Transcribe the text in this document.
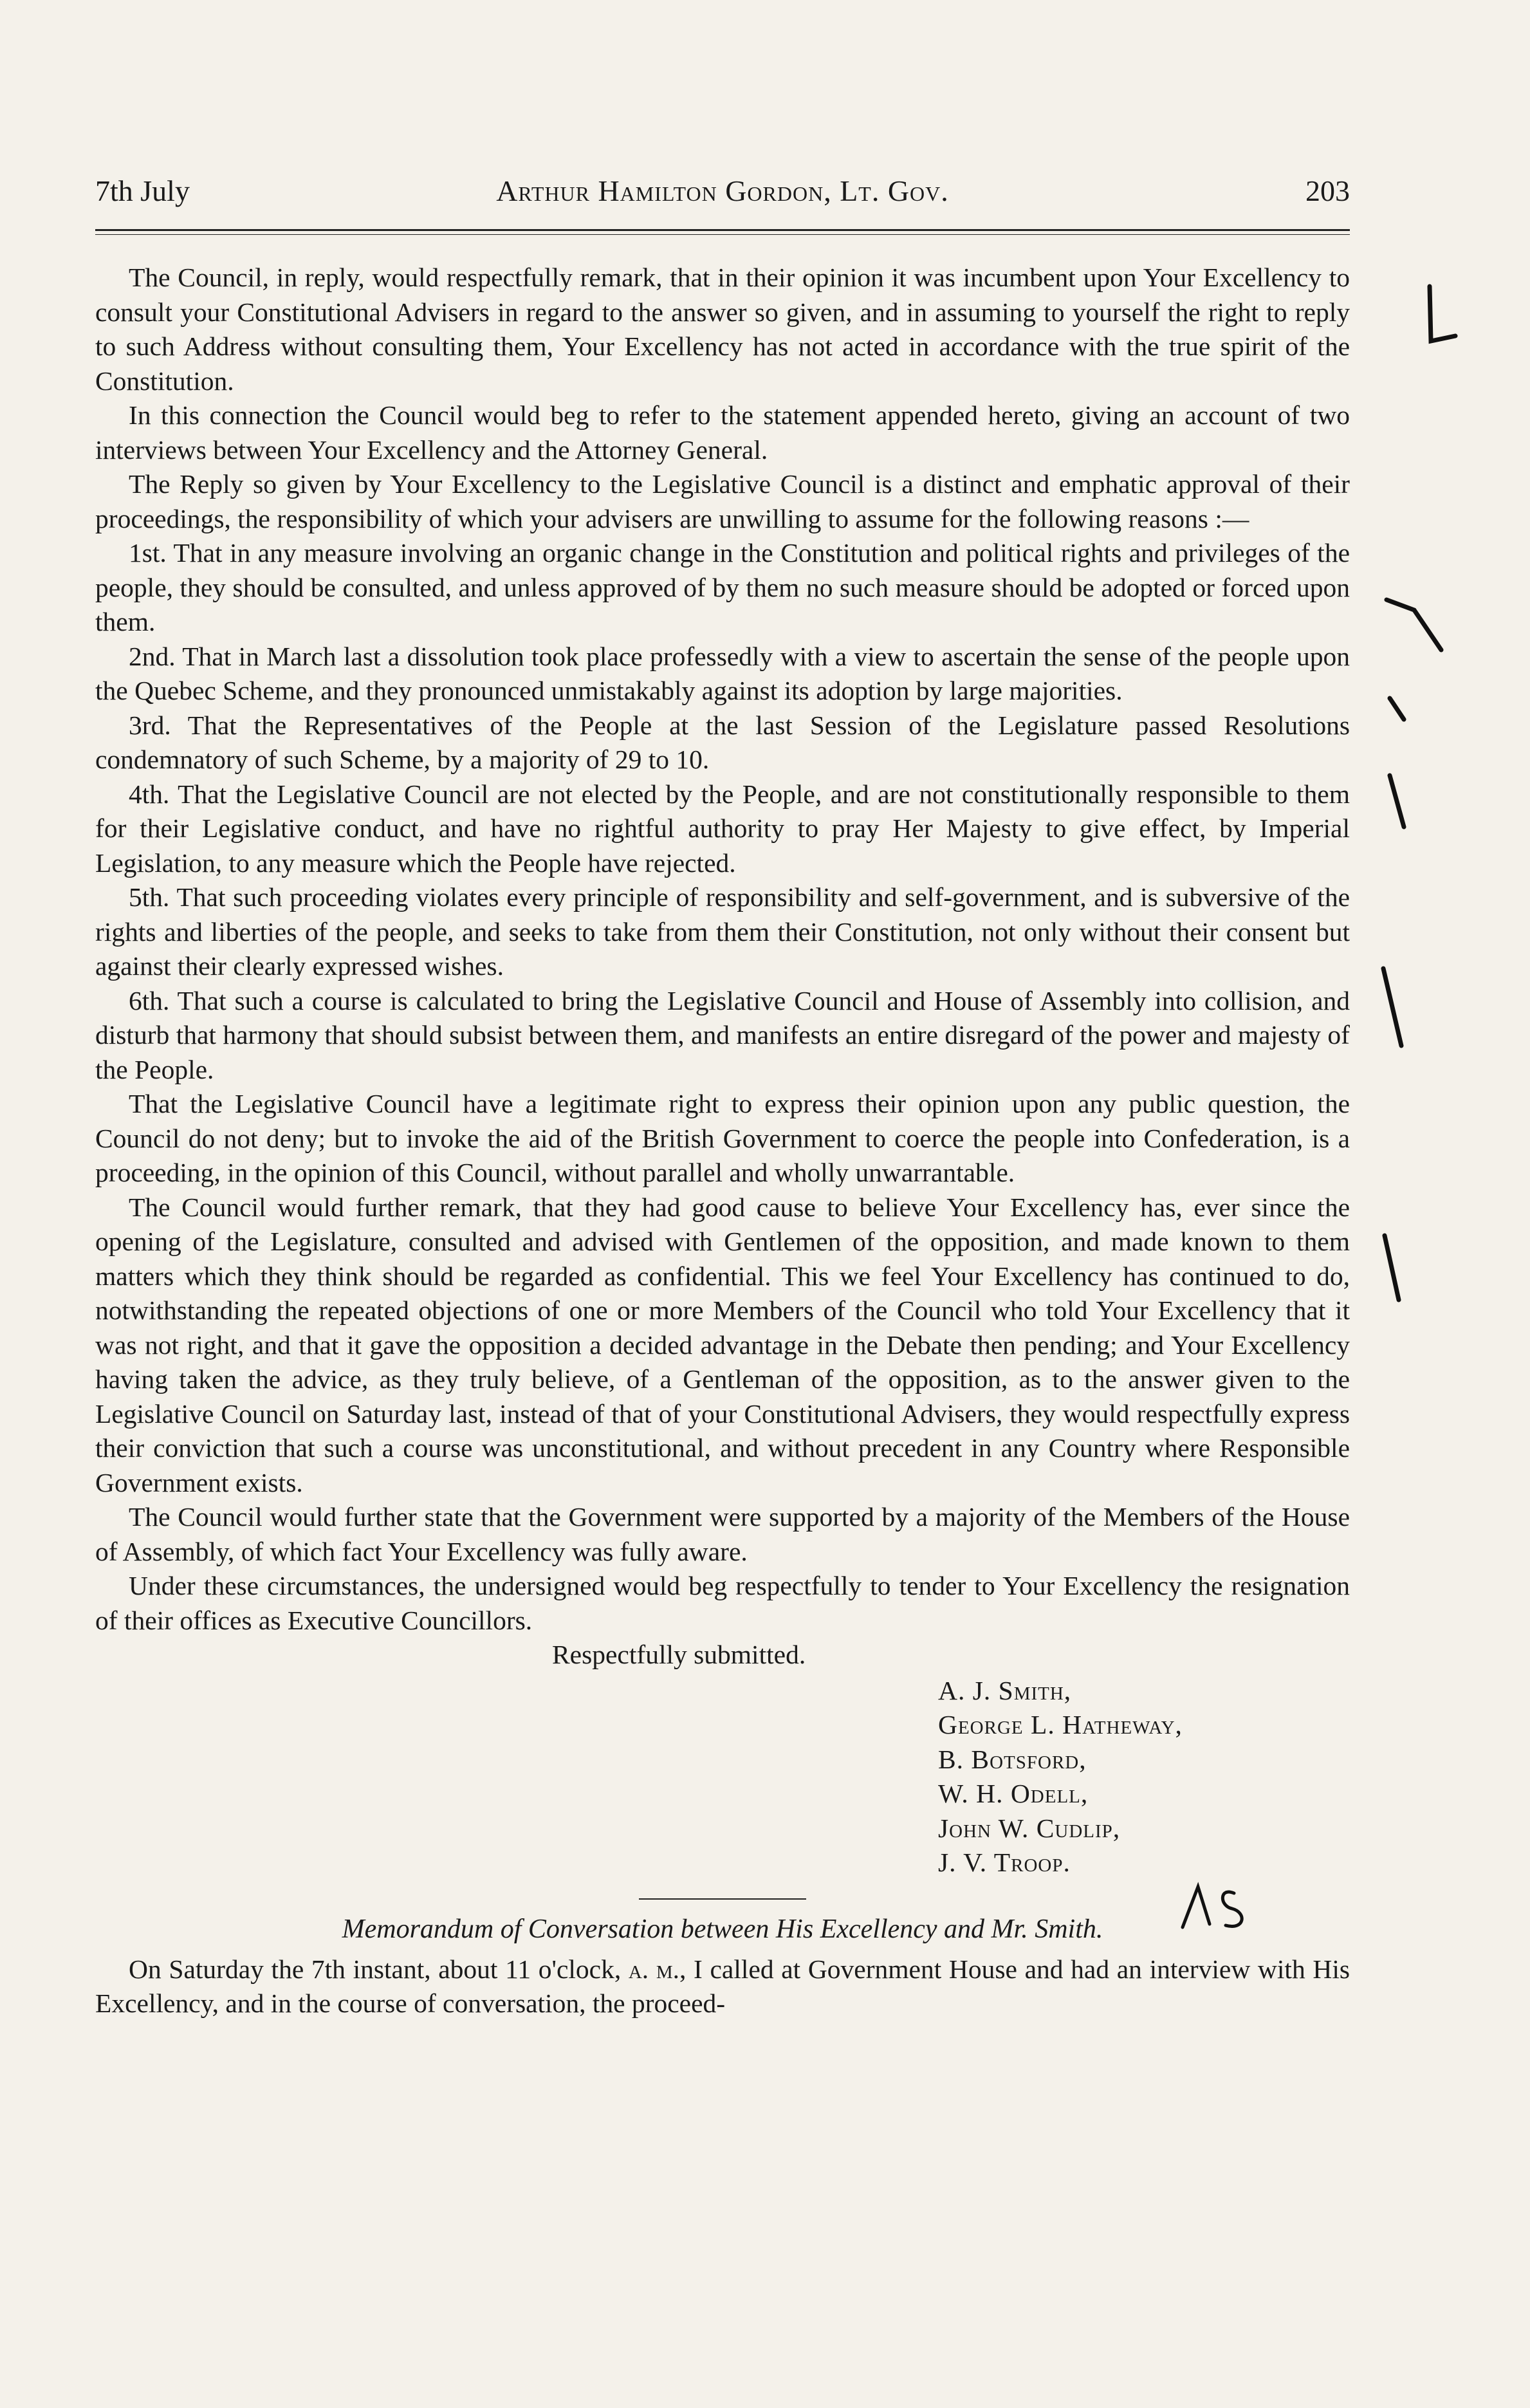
7th July	Arthur Hamilton Gordon, Lt. Gov.	203

The Council, in reply, would respectfully remark, that in their opinion it was incumbent upon Your Excellency to consult your Constitutional Advisers in regard to the answer so given, and in assuming to yourself the right to reply to such Address without consulting them, Your Excellency has not acted in accordance with the true spirit of the Constitution.

In this connection the Council would beg to refer to the statement appended hereto, giving an account of two interviews between Your Excellency and the Attorney General.

The Reply so given by Your Excellency to the Legislative Council is a distinct and emphatic approval of their proceedings, the responsibility of which your advisers are unwilling to assume for the following reasons :—

1st. That in any measure involving an organic change in the Constitution and political rights and privileges of the people, they should be consulted, and unless approved of by them no such measure should be adopted or forced upon them.

2nd. That in March last a dissolution took place professedly with a view to ascertain the sense of the people upon the Quebec Scheme, and they pronounced unmistakably against its adoption by large majorities.

3rd. That the Representatives of the People at the last Session of the Legislature passed Resolutions condemnatory of such Scheme, by a majority of 29 to 10.

4th. That the Legislative Council are not elected by the People, and are not constitutionally responsible to them for their Legislative conduct, and have no rightful authority to pray Her Majesty to give effect, by Imperial Legislation, to any measure which the People have rejected.

5th. That such proceeding violates every principle of responsibility and self-government, and is subversive of the rights and liberties of the people, and seeks to take from them their Constitution, not only without their consent but against their clearly expressed wishes.

6th. That such a course is calculated to bring the Legislative Council and House of Assembly into collision, and disturb that harmony that should subsist between them, and manifests an entire disregard of the power and majesty of the People.

That the Legislative Council have a legitimate right to express their opinion upon any public question, the Council do not deny; but to invoke the aid of the British Government to coerce the people into Confederation, is a proceeding, in the opinion of this Council, without parallel and wholly unwarrantable.

The Council would further remark, that they had good cause to believe Your Excellency has, ever since the opening of the Legislature, consulted and advised with Gentlemen of the opposition, and made known to them matters which they think should be regarded as confidential. This we feel Your Excellency has continued to do, notwithstanding the repeated objections of one or more Members of the Council who told Your Excellency that it was not right, and that it gave the opposition a decided advantage in the Debate then pending; and Your Excellency having taken the advice, as they truly believe, of a Gentleman of the opposition, as to the answer given to the Legislative Council on Saturday last, instead of that of your Constitutional Advisers, they would respectfully express their conviction that such a course was unconstitutional, and without precedent in any Country where Responsible Government exists.

The Council would further state that the Government were supported by a majority of the Members of the House of Assembly, of which fact Your Excellency was fully aware.

Under these circumstances, the undersigned would beg respectfully to tender to Your Excellency the resignation of their offices as Executive Councillors.

Respectfully submitted.

A. J. Smith,
George L. Hatheway,
B. Botsford,
W. H. Odell,
John W. Cudlip,
J. V. Troop.
Memorandum of Conversation between His Excellency and Mr. Smith.

On Saturday the 7th instant, about 11 o'clock, a. m., I called at Government House and had an interview with His Excellency, and in the course of conversation, the proceed-
